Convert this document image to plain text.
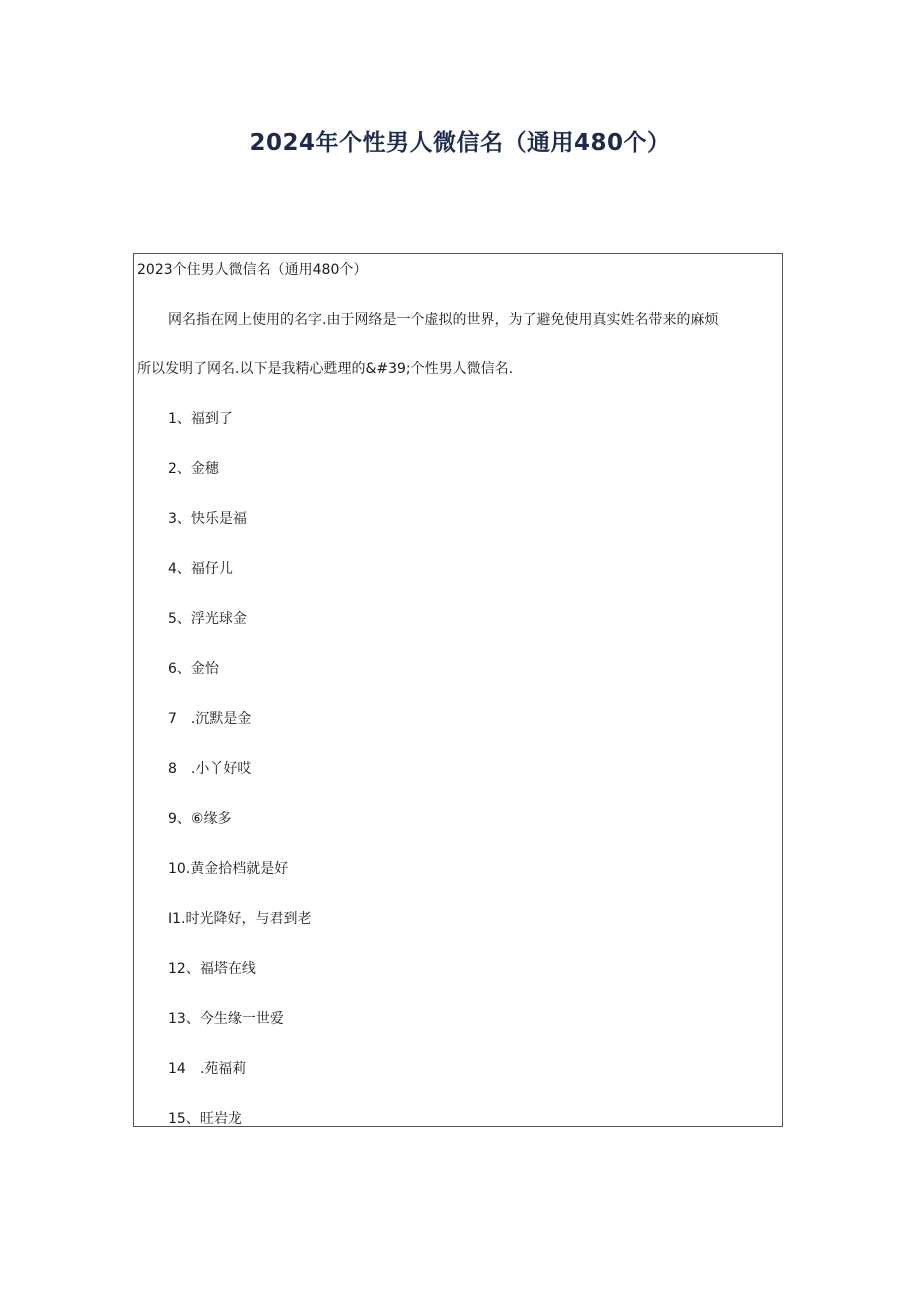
2024年个性男人微信名（通用480个）
2023个住男人微信名（通用480个）
网名指在网上使用的名字.由于网络是一个虚拟的世界，为了避免使用真实姓名带来的麻烦
所以发明了网名.以下是我精心甦理的&#39;个性男人微信名.
1、福到了
2、金穗
3、快乐是福
4、福仔儿
5、浮光球金
6、金怡
7　.沉默是金
8　.小丫好哎
9、⑥缘多
10.黄金拾档就是好
I1.时光降好，与君到老
12、福塔在线
13、今生缘一世爱
14　.苑福莉
15、旺岩龙
